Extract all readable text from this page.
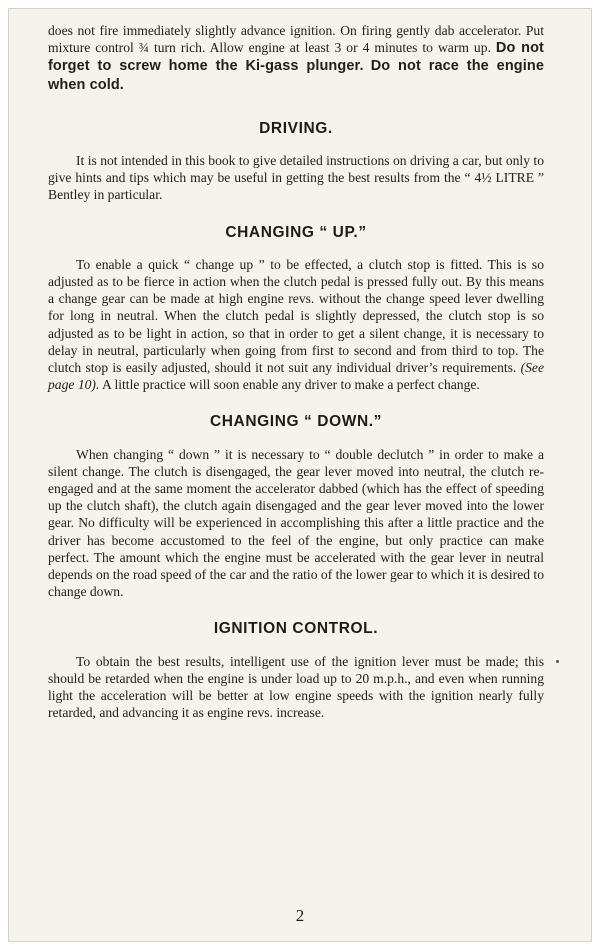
does not fire immediately slightly advance ignition. On firing gently dab accelerator. Put mixture control ¾ turn rich. Allow engine at least 3 or 4 minutes to warm up. Do not forget to screw home the Ki-gass plunger. Do not race the engine when cold.

DRIVING.

It is not intended in this book to give detailed instructions on driving a car, but only to give hints and tips which may be useful in getting the best results from the “ 4½ LITRE ” Bentley in particular.

CHANGING “ UP.”

To enable a quick “ change up ” to be effected, a clutch stop is fitted. This is so adjusted as to be fierce in action when the clutch pedal is pressed fully out. By this means a change gear can be made at high engine revs. without the change speed lever dwelling for long in neutral. When the clutch pedal is slightly depressed, the clutch stop is so adjusted as to be light in action, so that in order to get a silent change, it is necessary to delay in neutral, particularly when going from first to second and from third to top. The clutch stop is easily adjusted, should it not suit any individual driver’s requirements. (See page 10). A little practice will soon enable any driver to make a perfect change.

CHANGING “ DOWN.”

When changing “ down ” it is necessary to “ double declutch ” in order to make a silent change. The clutch is disengaged, the gear lever moved into neutral, the clutch re-engaged and at the same moment the accelerator dabbed (which has the effect of speeding up the clutch shaft), the clutch again disengaged and the gear lever moved into the lower gear. No difficulty will be experienced in accomplishing this after a little practice and the driver has become accustomed to the feel of the engine, but only practice can make perfect. The amount which the engine must be accelerated with the gear lever in neutral depends on the road speed of the car and the ratio of the lower gear to which it is desired to change down.

IGNITION CONTROL.

To obtain the best results, intelligent use of the ignition lever must be made; this should be retarded when the engine is under load up to 20 m.p.h., and even when running light the acceleration will be better at low engine speeds with the ignition nearly fully retarded, and advancing it as engine revs. increase.

2
